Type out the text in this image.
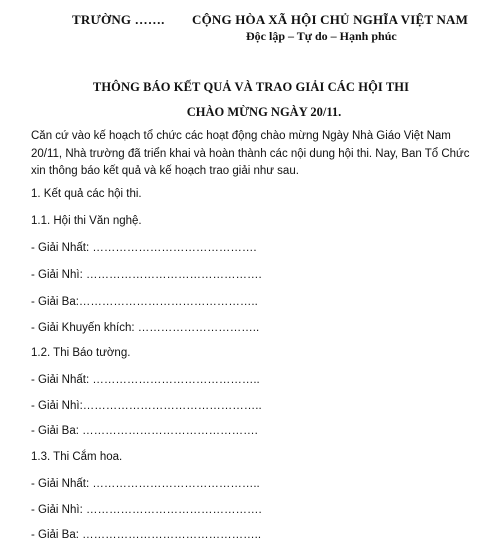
TRƯỜNG ……. CỘNG HÒA XÃ HỘI CHỦ NGHĨA VIỆT NAM
Độc lập – Tự do – Hạnh phúc
THÔNG BÁO KẾT QUẢ VÀ TRAO GIẢI CÁC HỘI THI
CHÀO MỪNG NGÀY 20/11.
Căn cứ vào kế hoạch tổ chức các hoạt động chào mừng Ngày Nhà Giáo Việt Nam 20/11, Nhà trường đã triển khai và hoàn thành các nội dung hội thi. Nay, Ban Tổ Chức xin thông báo kết quả và kế hoạch trao giải như sau.
1. Kết quả các hội thi.
1.1. Hội thi Văn nghệ.
- Giải Nhất: …………………………………….
- Giải Nhì: ……………………………………….
- Giải Ba:………………………………………..
- Giải Khuyến khích: …………………………..
1.2. Thi Báo tường.
- Giải Nhất: ……………………………………..
- Giải Nhì:………………………………………..
- Giải Ba: ……………………………………….
1.3. Thi Cắm hoa.
- Giải Nhất: ……………………………………..
- Giải Nhì: ……………………………………….
- Giải Ba: ………………………………………..
